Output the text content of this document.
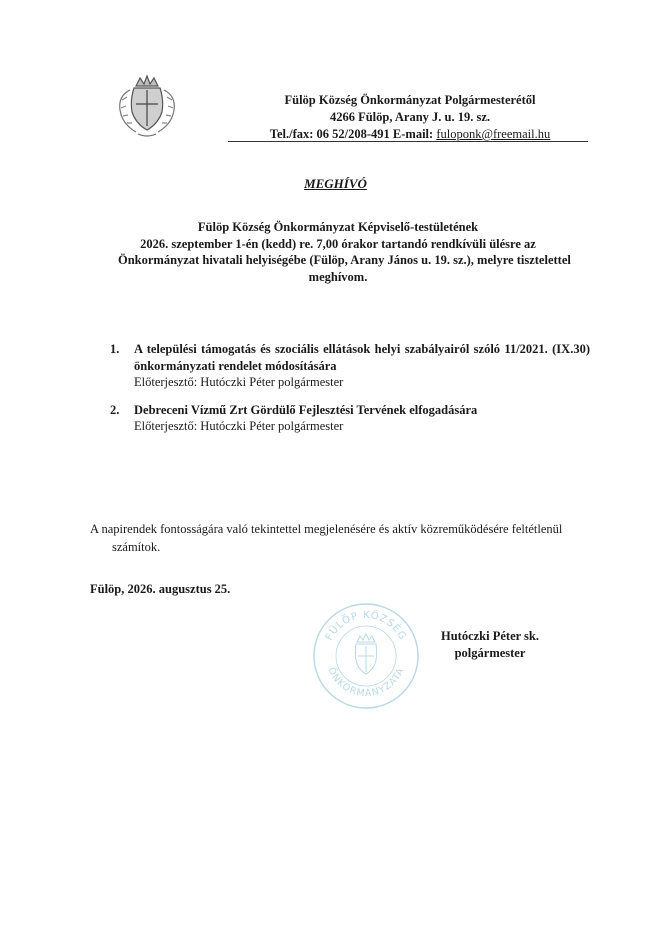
Fülöp Község Önkormányzat Polgármesterétől
4266 Fülöp, Arany J. u. 19. sz.
Tel./fax: 06 52/208-491 E-mail: fuloponk@freemail.hu
MEGHÍVÓ
Fülöp Község Önkormányzat Képviselő-testületének
2026. szeptember 1-én (kedd) re. 7,00 órakor tartandó rendkívüli ülésre az
Önkormányzat hivatali helyiségébe (Fülöp, Arany János u. 19. sz.), melyre tisztelettel
meghívom.
1. A települési támogatás és szociális ellátások helyi szabályairól szóló 11/2021. (IX.30) önkormányzati rendelet módosítására
Előterjesztő: Hutóczki Péter polgármester
2. Debreceni Vízmű Zrt Gördülő Fejlesztési Tervének elfogadására
Előterjesztő: Hutóczki Péter polgármester
A napirendek fontosságára való tekintettel megjelenésére és aktív közreműködésére feltétlenül
számítok.
Fülöp, 2026. augusztus 25.
FÜLÖP KÖZSÉG
ÖNKORMÁNYZATA
Hutóczki Péter sk.
polgármester
